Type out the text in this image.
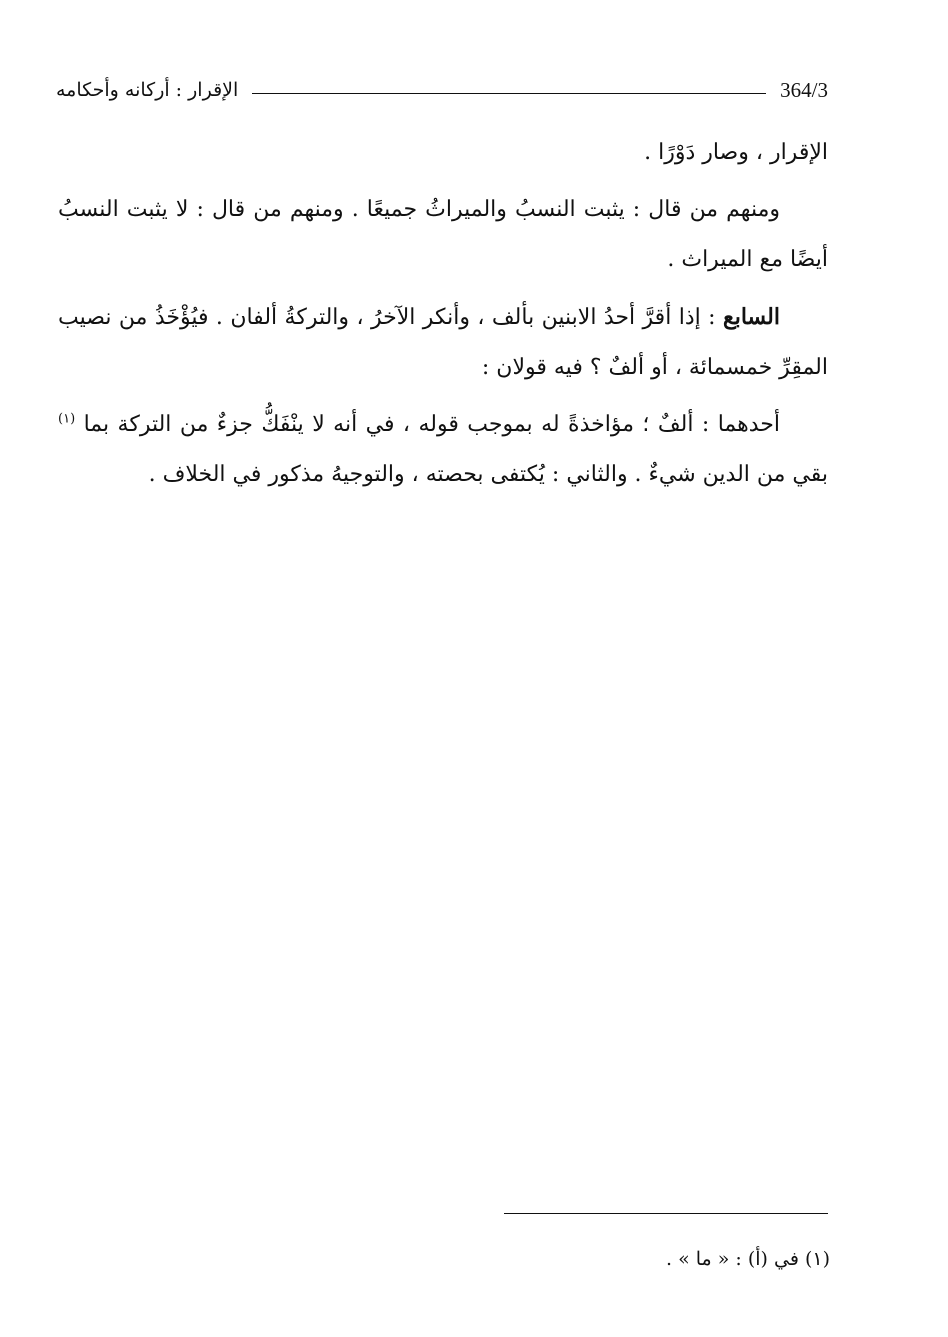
364/3
الإقرار : أركانه وأحكامه

الإقرار ، وصار دَوْرًا .

ومنهم من قال : يثبت النسبُ والميراثُ جميعًا . ومنهم من قال : لا يثبت النسبُ أيضًا مع الميراث .

السابع : إذا أقرَّ أحدُ الابنين بألف ، وأنكر الآخرُ ، والتركةُ ألفان . فيُؤْخَذُ من نصيب المقِرِّ خمسمائة ، أو ألفٌ ؟ فيه قولان :

أحدهما : ألفٌ ؛ مؤاخذةً له بموجب قوله ، في أنه لا ينْفَكُّ جزءٌ من التركة بما $^{(١)}$ بقي من الدين شيءٌ . والثاني : يُكتفى بحصته ، والتوجيهُ مذكور في الخلاف .

(١) في (أ) : « ما » .
